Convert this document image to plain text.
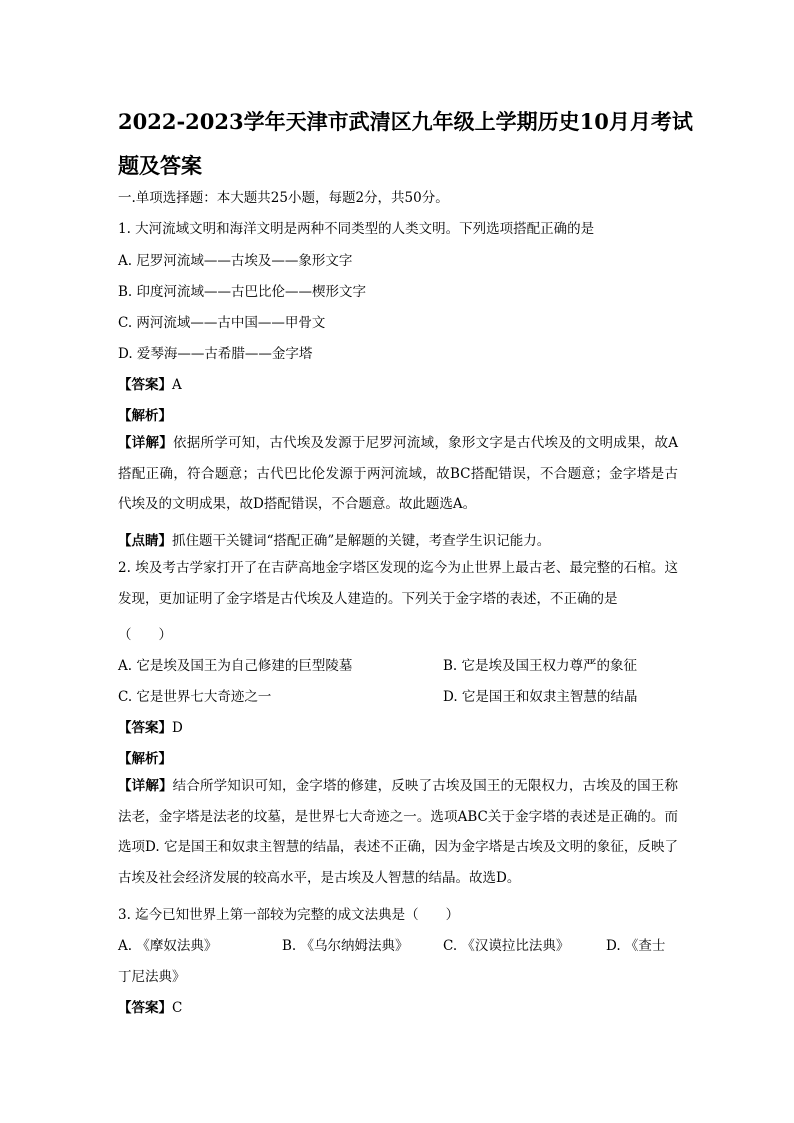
2022-2023学年天津市武清区九年级上学期历史10月月考试题及答案
一.单项选择题：本大题共25小题，每题2分，共50分。
1. 大河流域文明和海洋文明是两种不同类型的人类文明。下列选项搭配正确的是
A. 尼罗河流域——古埃及——象形文字
B. 印度河流域——古巴比伦——楔形文字
C. 两河流域——古中国——甲骨文
D. 爱琴海——古希腊——金字塔
【答案】A
【解析】
【详解】依据所学可知，古代埃及发源于尼罗河流域，象形文字是古代埃及的文明成果，故A搭配正确，符合题意；古代巴比伦发源于两河流域，故BC搭配错误，不合题意；金字塔是古代埃及的文明成果，故D搭配错误，不合题意。故此题选A。
【点睛】抓住题干关键词“搭配正确”是解题的关键，考查学生识记能力。
2. 埃及考古学家打开了在吉萨高地金字塔区发现的迄今为止世界上最古老、最完整的石棺。这发现，更加证明了金字塔是古代埃及人建造的。下列关于金字塔的表述，不正确的是
（　　）
A. 它是埃及国王为自己修建的巨型陵墓	B. 它是埃及国王权力尊严的象征
C. 它是世界七大奇迹之一	D. 它是国王和奴隶主智慧的结晶
【答案】D
【解析】
【详解】结合所学知识可知，金字塔的修建，反映了古埃及国王的无限权力，古埃及的国王称法老，金字塔是法老的坟墓，是世界七大奇迹之一。选项ABC关于金字塔的表述是正确的。而选项D. 它是国王和奴隶主智慧的结晶，表述不正确，因为金字塔是古埃及文明的象征，反映了古埃及社会经济发展的较高水平，是古埃及人智慧的结晶。故选D。
3. 迄今已知世界上第一部较为完整的成文法典是（　　）
A. 《摩奴法典》	B. 《乌尔纳姆法典》	C. 《汉谟拉比法典》	D. 《查士
丁尼法典》
【答案】C
